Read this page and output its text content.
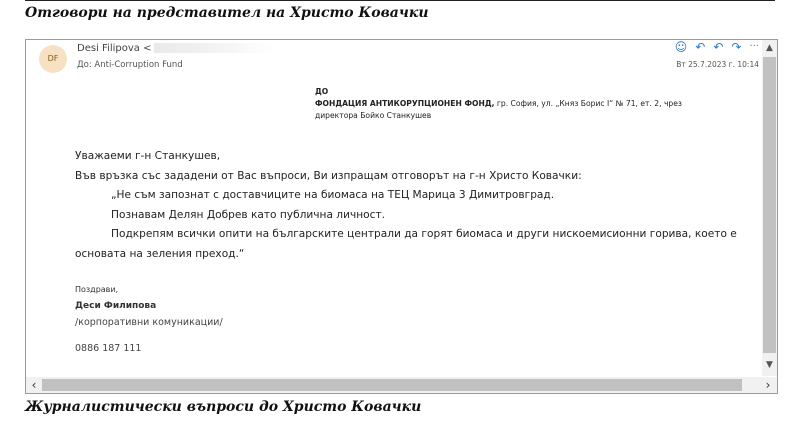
Отговори на представител на Христо Ковачки
DF
Desi Filipova <
До: Anti-Corruption Fund	Вт 25.7.2023 г. 10:14
☺ ↶ ↶ ↷ ···
ДО
ФОНДАЦИЯ АНТИКОРУПЦИОНЕН ФОНД, гр. София, ул. „Княз Борис I“ № 71, ет. 2, чрез
директора Бойко Станкушев

Уважаеми г-н Станкушев,

Във връзка със зададени от Вас въпроси, Ви изпращам отговорът на г-н Христо Ковачки:

„Не съм запознат с доставчиците на биомаса на ТЕЦ Марица 3 Димитровград.

Познавам Делян Добрев като публична личност.

Подкрепям всички опити на българските централи да горят биомаса и други нискоемисионни горива, което е

основата на зеления преход.“

Поздрави,
Деси Филипова
/корпоративни комуникации/
0886 187 111
▲
▼
‹	›
Журналистически въпроси до Христо Ковачки
